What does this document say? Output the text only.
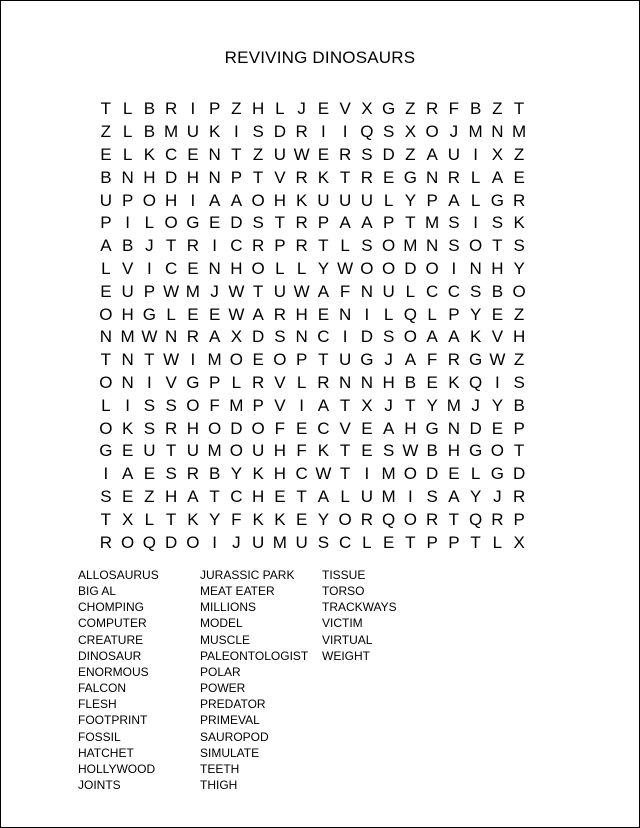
REVIVING DINOSAURS
T L B R I P Z H L J E V X G Z R F B Z T
Z L B M U K I S D R I	I Q S X O J M N M
E L K C E N T Z U W E R S D Z A U I X Z
B N H D H N P T V R K T R E G N R L A E
U P O H I A A O H K U U U L Y P A L G R
P I L O G E D S T R P A A P T M S I S K
A B J T R I C R P R T L S O M N S O T S
L V I C E N H O L L Y W O O D O I N H Y
E U P W M J W T U W A F N U L C C S B O
O H G L E E W A R H E N I L Q L P Y E Z
N M W N R A X D S N C I D S O A A K V H
T N T W I M O E O P T U G J A F R G W Z
O N I V G P L R V L R N N H B E K Q I S
L I S S O F M P V I A T X J T Y M J Y B
O K S R H O D O F E C V E A H G N D E P
G E U T U M O U H F K T E S W B H G O T
I A E S R B Y K H C W T I M O D E L G D
S E Z H A T C H E T A L U M I S A Y J R
T X L T K Y F K K E Y O R Q O R T Q R P
R O Q D O I J U M U S C L E T P P T L X
ALLOSAURUS
BIG AL
CHOMPING
COMPUTER
CREATURE
DINOSAUR
ENORMOUS
FALCON
FLESH
FOOTPRINT
FOSSIL
HATCHET
HOLLYWOOD
JOINTS
JURASSIC PARK
MEAT EATER
MILLIONS
MODEL
MUSCLE
PALEONTOLOGIST
POLAR
POWER
PREDATOR
PRIMEVAL
SAUROPOD
SIMULATE
TEETH
THIGH
TISSUE
TORSO
TRACKWAYS
VICTIM
VIRTUAL
WEIGHT
